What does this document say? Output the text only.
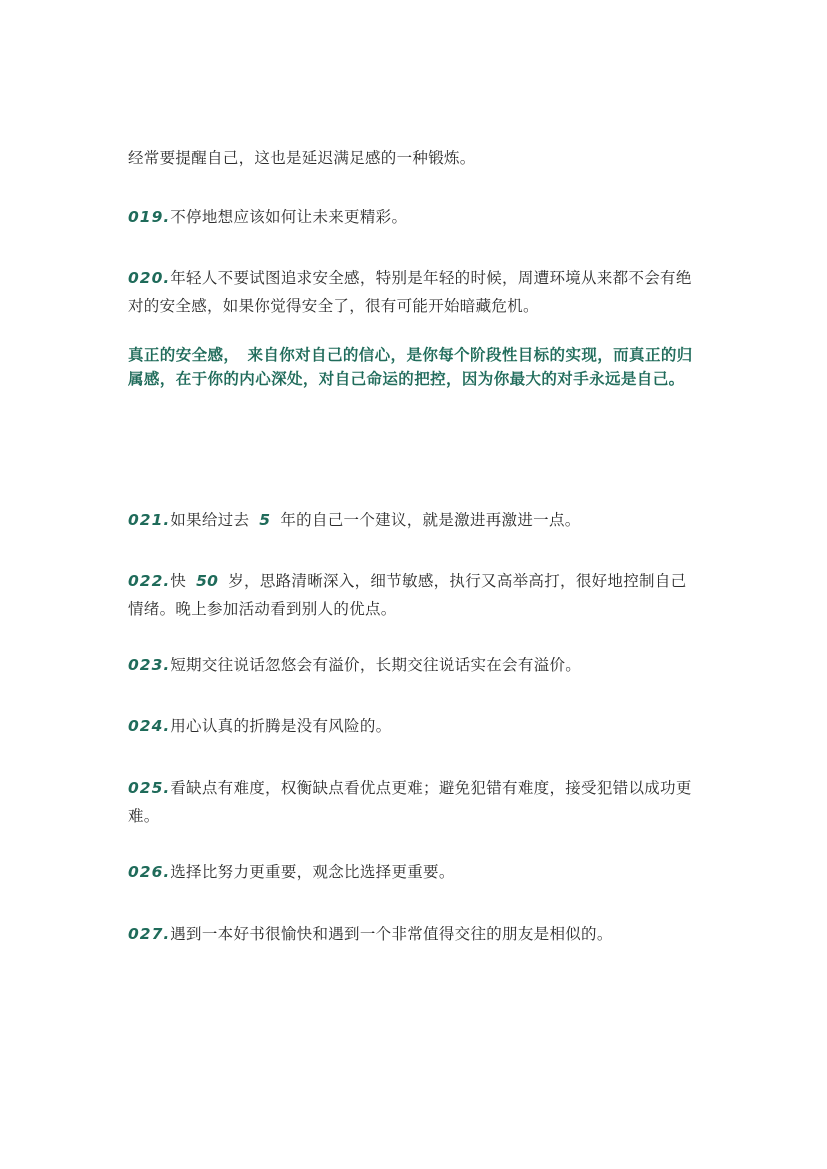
经常要提醒自己，这也是延迟满足感的一种锻炼。

019.不停地想应该如何让未来更精彩。

020.年轻人不要试图追求安全感，特别是年轻的时候，周遭环境从来都不会有绝对的安全感，如果你觉得安全了，很有可能开始暗藏危机。

真正的安全感，　来自你对自己的信心，是你每个阶段性目标的实现，而真正的归属感，在于你的内心深处，对自己命运的把控，因为你最大的对手永远是自己。

021.如果给过去 5 年的自己一个建议，就是激进再激进一点。

022.快 50 岁，思路清晰深入，细节敏感，执行又高举高打，很好地控制自己情绪。晚上参加活动看到别人的优点。

023.短期交往说话忽悠会有溢价，长期交往说话实在会有溢价。

024.用心认真的折腾是没有风险的。

025.看缺点有难度，权衡缺点看优点更难；避免犯错有难度，接受犯错以成功更难。

026.选择比努力更重要，观念比选择更重要。

027.遇到一本好书很愉快和遇到一个非常值得交往的朋友是相似的。
